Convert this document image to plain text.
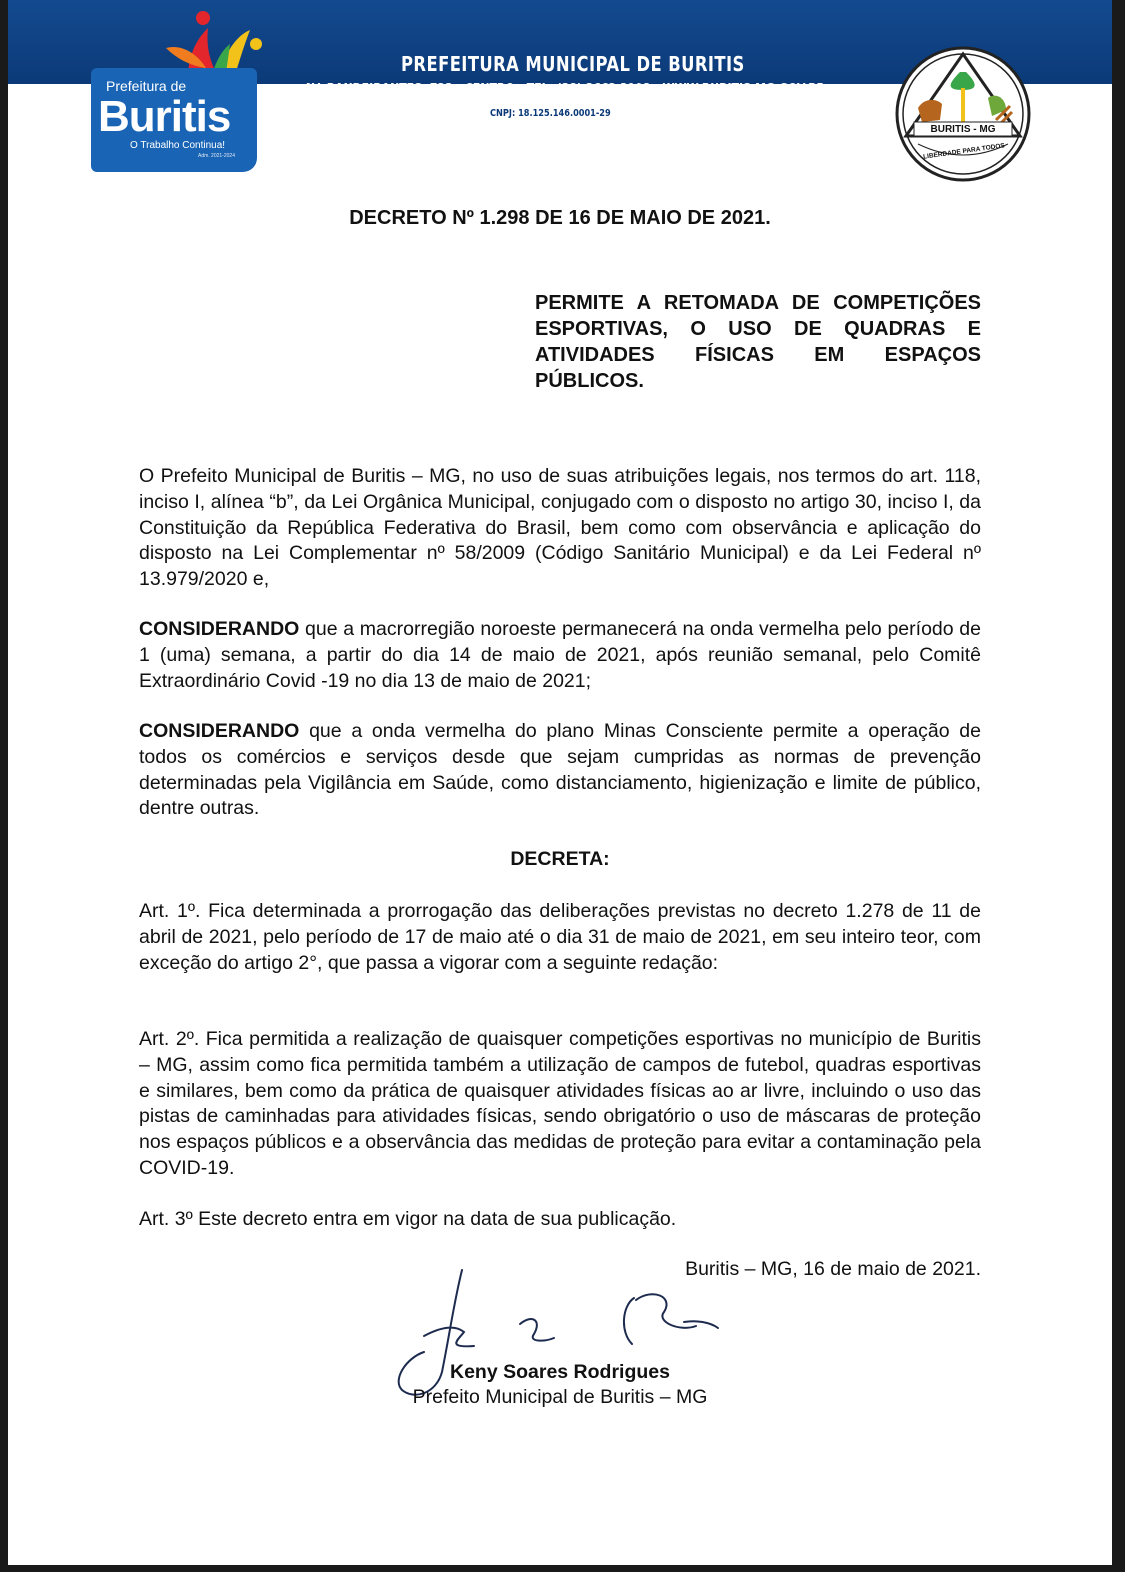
Prefeitura de
Buritis
O Trabalho Continua!
Adm. 2021-2024
PREFEITURA MUNICIPAL DE BURITIS
AV. BANDEIRANTES, 723 - CENTRO - TEL: (38) 3662 3908 - WWW.BURITIS.MG.GOV.BR
CNPJ: 18.125.146.0001-29
BURITIS - MG
LIBERDADE PARA TODOS
DECRETO Nº 1.298 DE 16 DE MAIO DE 2021.
PERMITE A RETOMADA DE COMPETIÇÕES ESPORTIVAS, O USO DE QUADRAS E ATIVIDADES FÍSICAS EM ESPAÇOS PÚBLICOS.

O Prefeito Municipal de Buritis – MG, no uso de suas atribuições legais, nos termos do art. 118, inciso I, alínea “b”, da Lei Orgânica Municipal, conjugado com o disposto no artigo 30, inciso I, da Constituição da República Federativa do Brasil, bem como com observância e aplicação do disposto na Lei Complementar nº 58/2009 (Código Sanitário Municipal) e da Lei Federal nº 13.979/2020 e,

CONSIDERANDO que a macrorregião noroeste permanecerá na onda vermelha pelo período de 1 (uma) semana, a partir do dia 14 de maio de 2021, após reunião semanal, pelo Comitê Extraordinário Covid -19 no dia 13 de maio de 2021;

CONSIDERANDO que a onda vermelha do plano Minas Consciente permite a operação de todos os comércios e serviços desde que sejam cumpridas as normas de prevenção determinadas pela Vigilância em Saúde, como distanciamento, higienização e limite de público, dentre outras.

DECRETA:

Art. 1º. Fica determinada a prorrogação das deliberações previstas no decreto 1.278 de 11 de abril de 2021, pelo período de 17 de maio até o dia 31 de maio de 2021, em seu inteiro teor, com exceção do artigo 2°, que passa a vigorar com a seguinte redação:

Art. 2º. Fica permitida a realização de quaisquer competições esportivas no município de Buritis – MG, assim como fica permitida também a utilização de campos de futebol, quadras esportivas e similares, bem como da prática de quaisquer atividades físicas ao ar livre, incluindo o uso das pistas de caminhadas para atividades físicas, sendo obrigatório o uso de máscaras de proteção nos espaços públicos e a observância das medidas de proteção para evitar a contaminação pela COVID-19.

Art. 3º Este decreto entra em vigor na data de sua publicação.

Buritis – MG, 16 de maio de 2021.
Keny Soares Rodrigues
Prefeito Municipal de Buritis – MG
